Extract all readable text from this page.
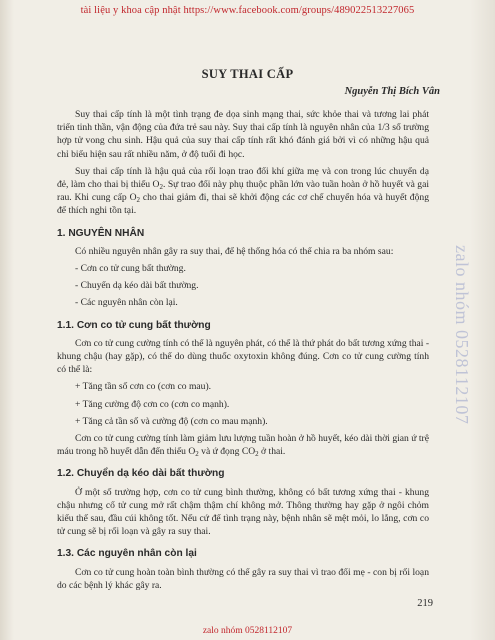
tài liệu y khoa cập nhật https://www.facebook.com/groups/489022513227065
SUY THAI CẤP
Nguyễn Thị Bích Vân

Suy thai cấp tính là một tình trạng đe dọa sinh mạng thai, sức khỏe thai và tương lai phát triển tinh thần, vận động của đứa trẻ sau này. Suy thai cấp tính là nguyên nhân của 1/3 số trường hợp tử vong chu sinh. Hậu quả của suy thai cấp tính rất khó đánh giá bởi vì có những hậu quả chỉ biểu hiện sau rất nhiều năm, ở độ tuổi đi học.

Suy thai cấp tính là hậu quả của rối loạn trao đổi khí giữa mẹ và con trong lúc chuyển dạ đẻ, làm cho thai bị thiếu $O_2$. Sự trao đổi này phụ thuộc phần lớn vào tuần hoàn ở hồ huyết và gai rau. Khi cung cấp $O_2$ cho thai giảm đi, thai sẽ khởi động các cơ chế chuyển hóa và huyết động để thích nghi tồn tại.

1. NGUYÊN NHÂN

Có nhiều nguyên nhân gây ra suy thai, để hệ thống hóa có thể chia ra ba nhóm sau:

- Cơn co tử cung bất thường.
- Chuyển dạ kéo dài bất thường.
- Các nguyên nhân còn lại.
1.1. Cơn co tử cung bất thường

Cơn co tử cung cường tính có thể là nguyên phát, có thể là thứ phát do bất tương xứng thai - khung chậu (hay gặp), có thể do dùng thuốc oxytoxin không đúng. Cơn co tử cung cường tính có thể là:

+ Tăng tần số cơn co (cơn co mau).
+ Tăng cường độ cơn co (cơn co mạnh).
+ Tăng cả tần số và cường độ (cơn co mau mạnh).

Cơn co tử cung cường tính làm giảm lưu lượng tuần hoàn ở hồ huyết, kéo dài thời gian ứ trệ máu trong hồ huyết dẫn đến thiếu $O_2$ và ứ đọng $CO_2$ ở thai.

1.2. Chuyển dạ kéo dài bất thường

Ở một số trường hợp, cơn co tử cung bình thường, không có bất tương xứng thai - khung chậu nhưng cổ tử cung mở rất chậm thậm chí không mở. Thông thường hay gặp ở ngôi chỏm kiểu thế sau, đầu cúi không tốt. Nếu cứ để tình trạng này, bệnh nhân sẽ mệt mỏi, lo lắng, cơn co tử cung sẽ bị rối loạn và gây ra suy thai.

1.3. Các nguyên nhân còn lại

Cơn co tử cung hoàn toàn bình thường có thể gây ra suy thai vì trao đổi mẹ - con bị rối loạn do các bệnh lý khác gây ra.

zalo nhóm 0528112107
219
zalo nhóm 0528112107
